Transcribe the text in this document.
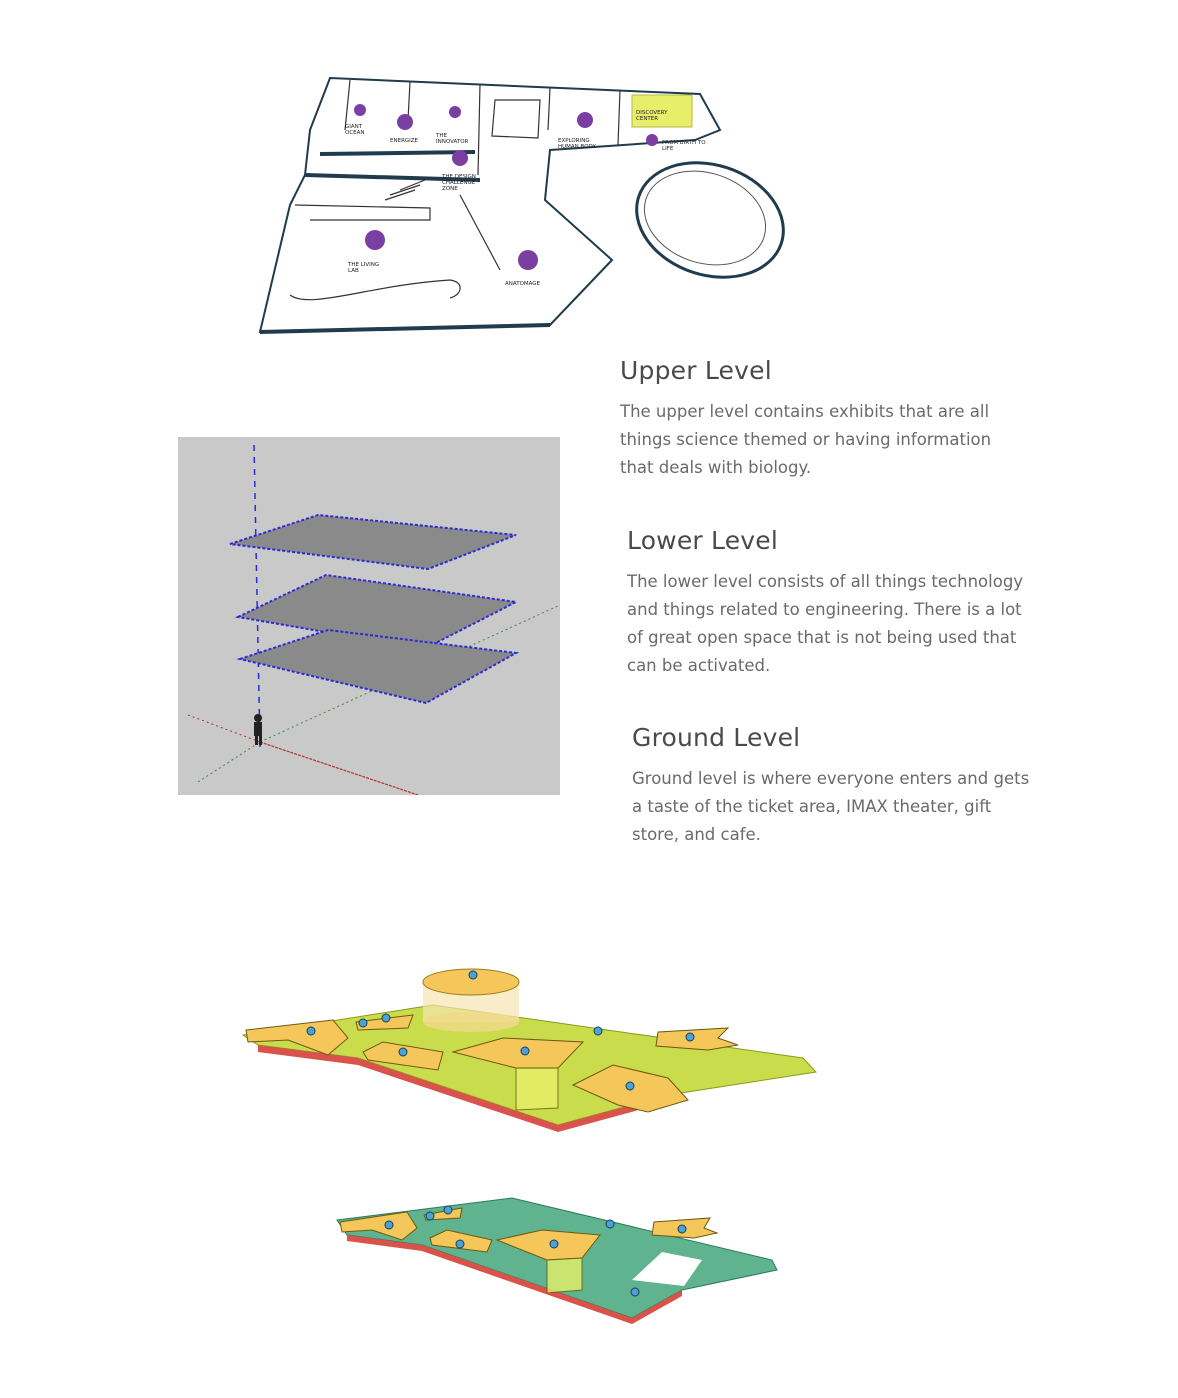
GIANT OCEAN
ENERGIZE
THE INNOVATOR
THE LIVING LAB
EXPLORING HUMAN BODY
THE DESIGN CHALLENGE ZONE
DISCOVERY CENTER
FROM BIRTH TO LIFE
ANATOMAGE
Upper Level
The upper level contains exhibits that are all things science themed or having information that deals with biology.
Lower Level
The lower level consists of all things technology and things related to engineering. There is a lot of great open space that is not being used that can be activated.
Ground Level
Ground level is where everyone enters and gets a taste of the ticket area, IMAX theater, gift store, and cafe.
